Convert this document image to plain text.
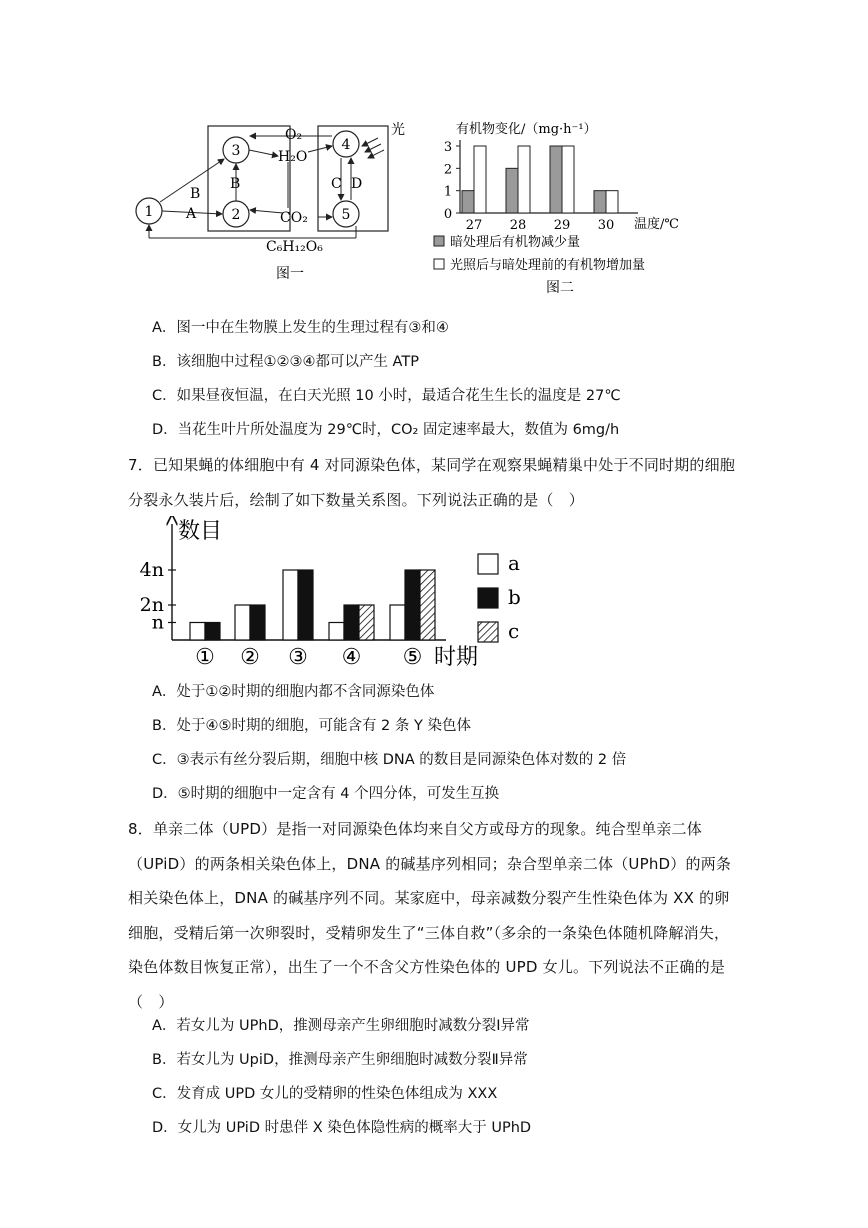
1	2
3	4
5
B
A
B
O₂
H₂O
CO₂
C₆H₁₂O₆
C D
光
图一
有机物变化/（mg·h⁻¹）
0
1
2
3
27 28 29 30 温度/℃
暗处理后有机物减少量
光照后与暗处理前的有机物增加量
图二
A．图一中在生物膜上发生的生理过程有③和④
B．该细胞中过程①②③④都可以产生 ATP
C．如果昼夜恒温，在白天光照 10 小时，最适合花生生长的温度是 27℃
D．当花生叶片所处温度为 29℃时，CO₂ 固定速率最大，数值为 6mg/h
7．已知果蝇的体细胞中有 4 对同源染色体，某同学在观察果蝇精巢中处于不同时期的细胞分裂永久装片后，绘制了如下数量关系图。下列说法正确的是（　）
数目
n
2n
4n
① ② ③ ④ ⑤ 时期
a
b
c
A．处于①②时期的细胞内都不含同源染色体
B．处于④⑤时期的细胞，可能含有 2 条 Y 染色体
C．③表示有丝分裂后期，细胞中核 DNA 的数目是同源染色体对数的 2 倍
D．⑤时期的细胞中一定含有 4 个四分体，可发生互换
8．单亲二体（UPD）是指一对同源染色体均来自父方或母方的现象。纯合型单亲二体（UPiD）的两条相关染色体上，DNA 的碱基序列相同；杂合型单亲二体（UPhD）的两条相关染色体上，DNA 的碱基序列不同。某家庭中，母亲减数分裂产生性染色体为 XX 的卵细胞，受精后第一次卵裂时，受精卵发生了“三体自救”（多余的一条染色体随机降解消失，染色体数目恢复正常），出生了一个不含父方性染色体的 UPD 女儿。下列说法不正确的是（　）
A．若女儿为 UPhD，推测母亲产生卵细胞时减数分裂Ⅰ异常
B．若女儿为 UpiD，推测母亲产生卵细胞时减数分裂Ⅱ异常
C．发育成 UPD 女儿的受精卵的性染色体组成为 XXX
D．女儿为 UPiD 时患伴 X 染色体隐性病的概率大于 UPhD
